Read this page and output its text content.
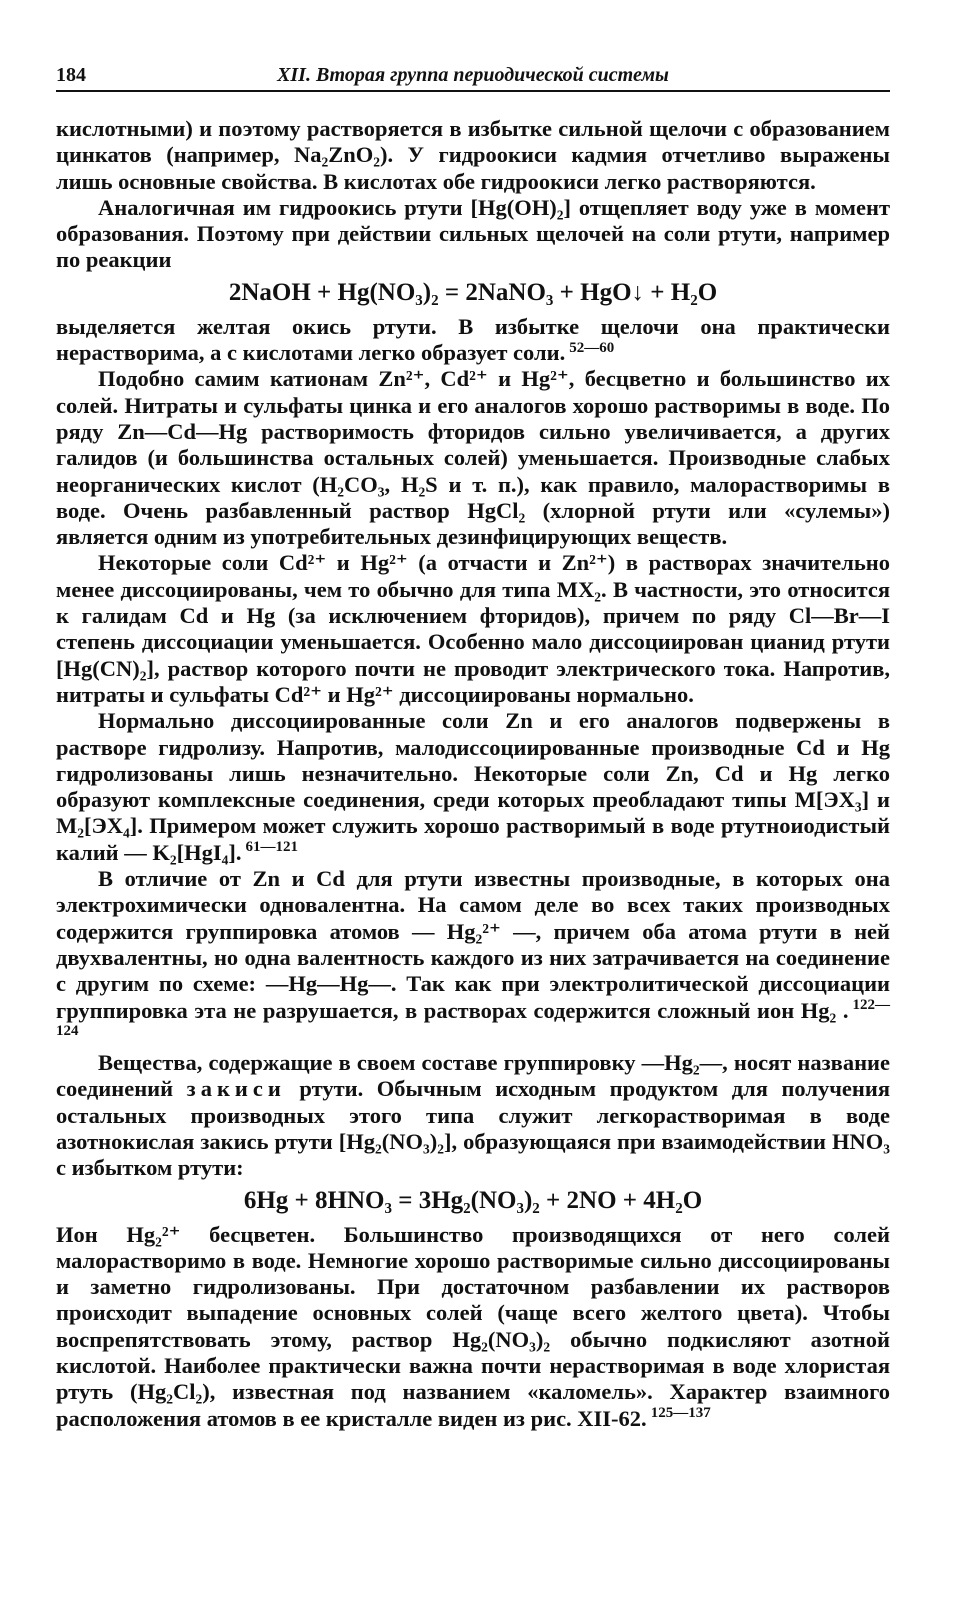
184	XII. Вторая группа периодической системы

кислотными) и поэтому растворяется в избытке сильной щелочи с образованием цинкатов (например, Na₂ZnO₂). У гидроокиси кадмия отчетливо выражены лишь основные свойства. В кислотах обе гидроокиси легко растворяются.

Аналогичная им гидроокись ртути [Hg(OH)₂] отщепляет воду уже в момент образования. Поэтому при действии сильных щелочей на соли ртути, например по реакции

2NaOH + Hg(NO₃)₂ = 2NaNO₃ + HgO↓ + H₂O

выделяется желтая окись ртути. В избытке щелочи она практически нерастворима, а с кислотами легко образует соли. $^{52—60}$

Подобно самим катионам Zn²⁺, Cd²⁺ и Hg²⁺, бесцветно и большинство их солей. Нитраты и сульфаты цинка и его аналогов хорошо растворимы в воде. По ряду Zn—Cd—Hg растворимость фторидов сильно увеличивается, а других галидов (и большинства остальных солей) уменьшается. Производные слабых неорганических кислот (H₂CO₃, H₂S и т. п.), как правило, малорастворимы в воде. Очень разбавленный раствор HgCl₂ (хлорной ртути или «сулемы») является одним из употребительных дезинфицирующих веществ.

Некоторые соли Cd²⁺ и Hg²⁺ (а отчасти и Zn²⁺) в растворах значительно менее диссоциированы, чем то обычно для типа MX₂. В частности, это относится к галидам Cd и Hg (за исключением фторидов), причем по ряду Cl—Br—I степень диссоциации уменьшается. Особенно мало диссоциирован цианид ртути [Hg(CN)₂], раствор которого почти не проводит электрического тока. Напротив, нитраты и сульфаты Cd²⁺ и Hg²⁺ диссоциированы нормально.

Нормально диссоциированные соли Zn и его аналогов подвержены в растворе гидролизу. Напротив, малодиссоциированные производные Cd и Hg гидролизованы лишь незначительно. Некоторые соли Zn, Cd и Hg легко образуют комплексные соединения, среди которых преобладают типы M[ЭX₃] и M₂[ЭX₄]. Примером может служить хорошо растворимый в воде ртутноиодистый калий — K₂[HgI₄]. $^{61—121}$

В отличие от Zn и Cd для ртути известны производные, в которых она электрохимически одновалентна. На самом деле во всех таких производных содержится группировка атомов — Hg₂²⁺ —, причем оба атома ртути в ней двухвалентны, но одна валентность каждого из них затрачивается на соединение с другим по схеме: —Hg—Hg—. Так как при электролитической диссоциации группировка эта не разрушается, в растворах содержится сложный ион Hg₂ . $^{122—124}$

Вещества, содержащие в своем составе группировку —Hg₂—, носят название соединений закиси ртути. Обычным исходным продуктом для получения остальных производных этого типа служит легкорастворимая в воде азотнокислая закись ртути [Hg₂(NO₃)₂], образующаяся при взаимодействии HNO₃ с избытком ртути:

6Hg + 8HNO₃ = 3Hg₂(NO₃)₂ + 2NO + 4H₂O

Ион Hg₂²⁺ бесцветен. Большинство производящихся от него солей малорастворимо в воде. Немногие хорошо растворимые сильно диссоциированы и заметно гидролизованы. При достаточном разбавлении их растворов происходит выпадение основных солей (чаще всего желтого цвета). Чтобы воспрепятствовать этому, раствор Hg₂(NO₃)₂ обычно подкисляют азотной кислотой. Наиболее практически важна почти нерастворимая в воде хлористая ртуть (Hg₂Cl₂), известная под названием «каломель». Характер взаимного расположения атомов в ее кристалле виден из рис. XII-62. $^{125—137}$
